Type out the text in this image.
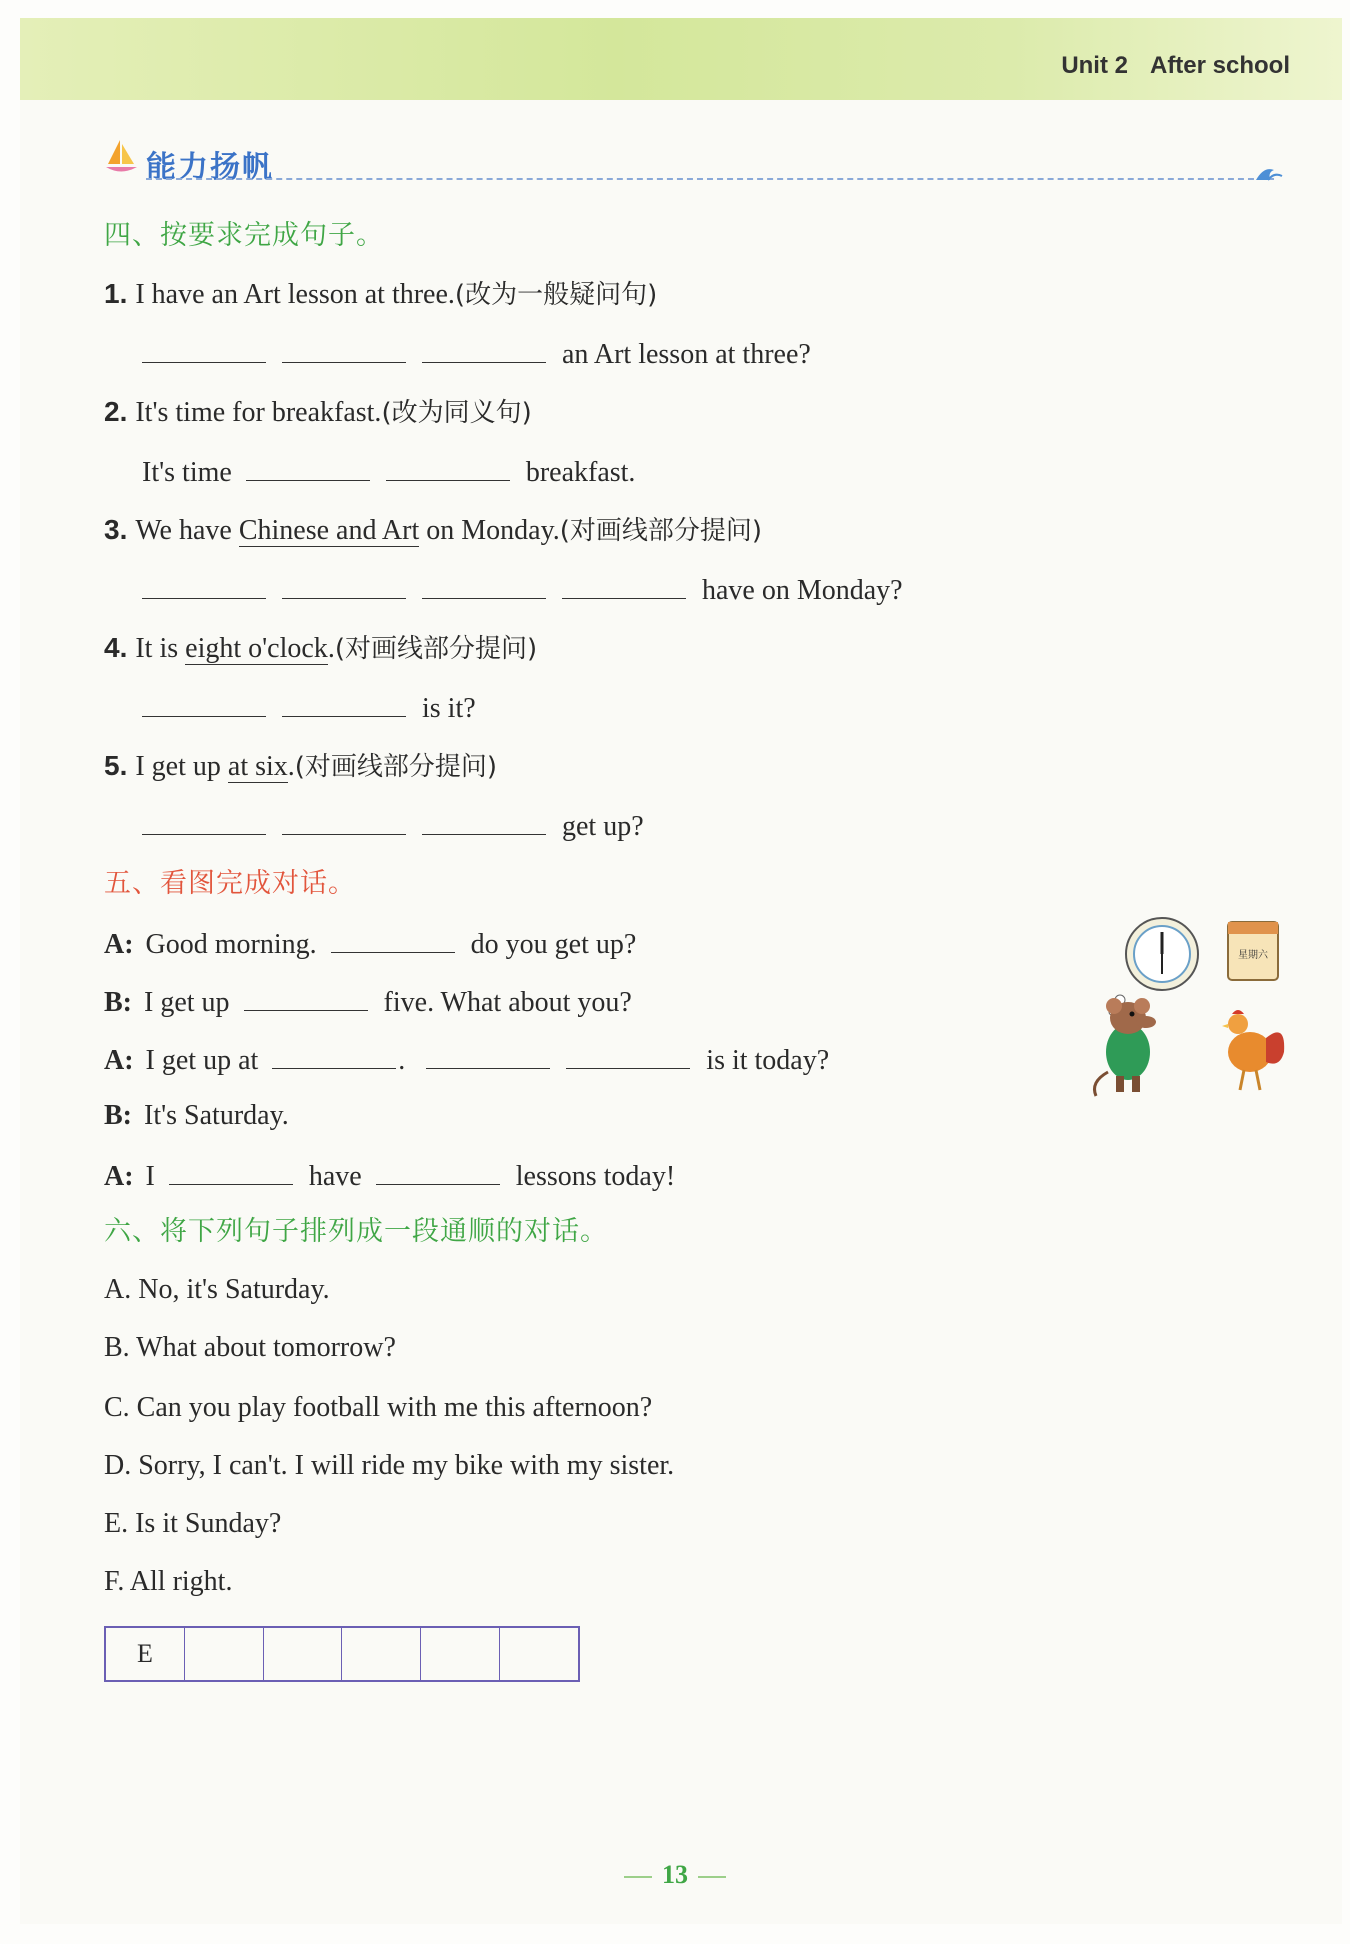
Unit 2 After school
能力扬帆
四、按要求完成句子。
1. I have an Art lesson at three.(改为一般疑问句)
an Art lesson at three?
2. It's time for breakfast.(改为同义句)
It's time	breakfast.
3. We have Chinese and Art on Monday.(对画线部分提问)
have on Monday?
4. It is eight o'clock.(对画线部分提问)
is it?
5. I get up at six.(对画线部分提问)
get up?
五、看图完成对话。
A: Good morning.	do you get up?
B: I get up	five. What about you?
A: I get up at	.	is it today?
B: It's Saturday.
A: I	have	lessons today!
星期六
六、将下列句子排列成一段通顺的对话。
A. No, it's Saturday.
B. What about tomorrow?
C. Can you play football with me this afternoon?
D. Sorry, I can't. I will ride my bike with my sister.
E. Is it Sunday?
F. All right.
E
13
